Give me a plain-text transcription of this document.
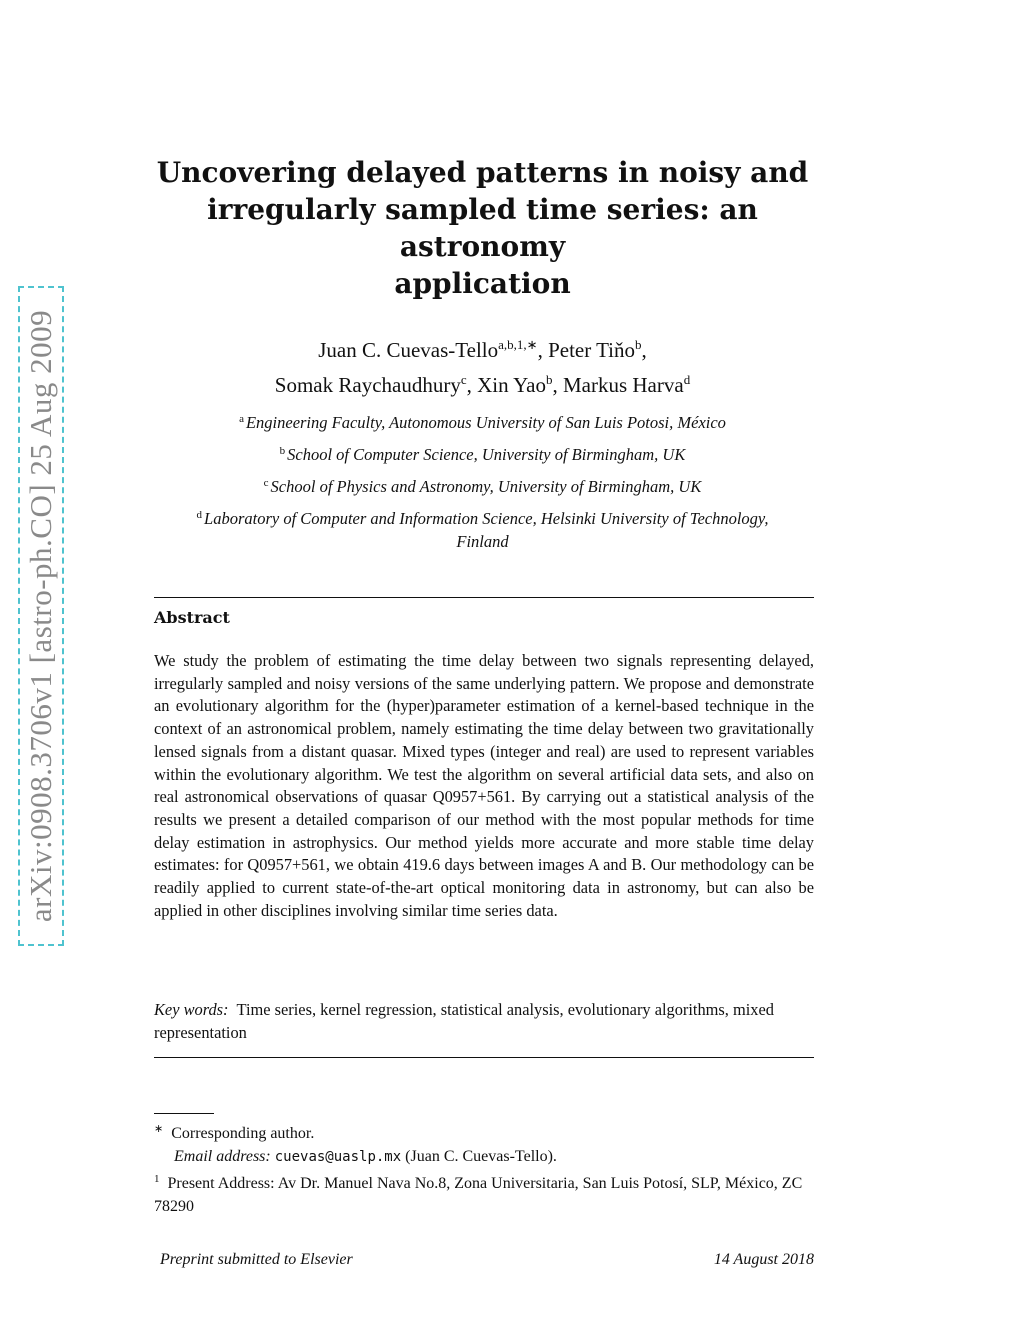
arXiv:0908.3706v1 [astro-ph.CO] 25 Aug 2009
Uncovering delayed patterns in noisy and
irregularly sampled time series: an astronomy
application
Juan C. Cuevas-Tello$^{a,b,1,∗}$, Peter Tiňo$^b$,
Somak Raychaudhury$^c$, Xin Yao$^b$, Markus Harva$^d$
$^a$ Engineering Faculty, Autonomous University of San Luis Potosi, México
$^b$ School of Computer Science, University of Birmingham, UK
$^c$ School of Physics and Astronomy, University of Birmingham, UK
$^d$ Laboratory of Computer and Information Science, Helsinki University of Technology, Finland
Abstract
We study the problem of estimating the time delay between two signals representing delayed, irregularly sampled and noisy versions of the same underlying pattern. We propose and demonstrate an evolutionary algorithm for the (hyper)parameter estimation of a kernel-based technique in the context of an astronomical problem, namely estimating the time delay between two gravitationally lensed signals from a distant quasar. Mixed types (integer and real) are used to represent variables within the evolutionary algorithm. We test the algorithm on several artificial data sets, and also on real astronomical observations of quasar Q0957+561. By carrying out a statistical analysis of the results we present a detailed comparison of our method with the most popular methods for time delay estimation in astrophysics. Our method yields more accurate and more stable time delay estimates: for Q0957+561, we obtain 419.6 days between images A and B. Our methodology can be readily applied to current state-of-the-art optical monitoring data in astronomy, but can also be applied in other disciplines involving similar time series data.
Key words: Time series, kernel regression, statistical analysis, evolutionary algorithms, mixed representation
∗ Corresponding author.
Email address: cuevas@uaslp.mx (Juan C. Cuevas-Tello).
$^1$ Present Address: Av Dr. Manuel Nava No.8, Zona Universitaria, San Luis Potosí, SLP, México, ZC 78290
Preprint submitted to Elsevier	14 August 2018
